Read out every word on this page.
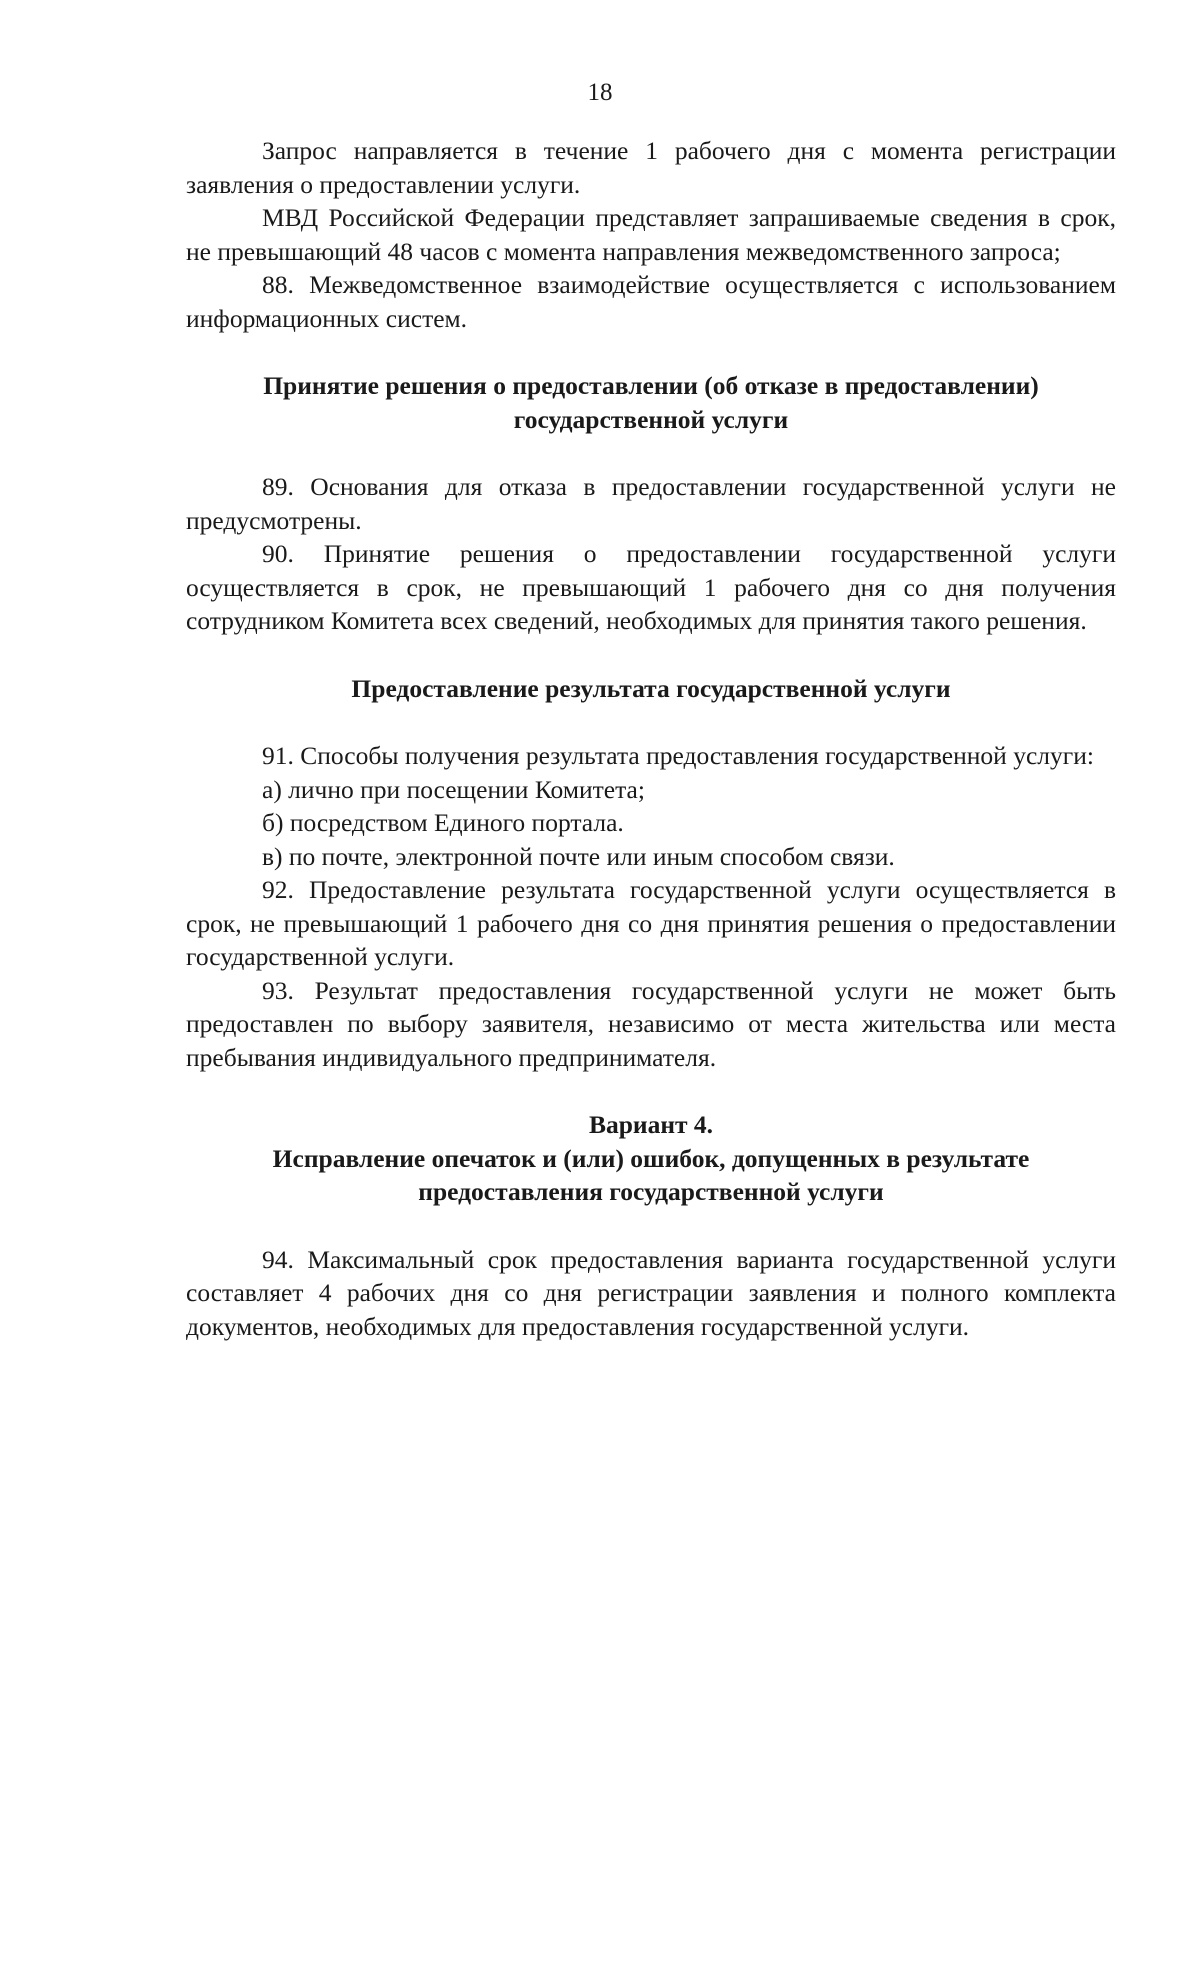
18

Запрос направляется в течение 1 рабочего дня с момента регистрации заявления о предоставлении услуги.

МВД Российской Федерации представляет запрашиваемые сведения в срок, не превышающий 48 часов с момента направления межведомственного запроса;

88. Межведомственное взаимодействие осуществляется с использованием информационных систем.

Принятие решения о предоставлении (об отказе в предоставлении)
государственной услуги

89. Основания для отказа в предоставлении государственной услуги не предусмотрены.

90. Принятие решения о предоставлении государственной услуги осуществляется в срок, не превышающий 1 рабочего дня со дня получения сотрудником Комитета всех сведений, необходимых для принятия такого решения.

Предоставление результата государственной услуги

91. Способы получения результата предоставления государственной услуги:

а) лично при посещении Комитета;

б) посредством Единого портала.

в) по почте, электронной почте или иным способом связи.

92. Предоставление результата государственной услуги осуществляется в срок, не превышающий 1 рабочего дня со дня принятия решения о предоставлении государственной услуги.

93. Результат предоставления государственной услуги не может быть предоставлен по выбору заявителя, независимо от места жительства или места пребывания индивидуального предпринимателя.

Вариант 4.
Исправление опечаток и (или) ошибок, допущенных в результате
предоставления государственной услуги

94. Максимальный срок предоставления варианта государственной услуги составляет 4 рабочих дня со дня регистрации заявления и полного комплекта документов, необходимых для предоставления государственной услуги.
